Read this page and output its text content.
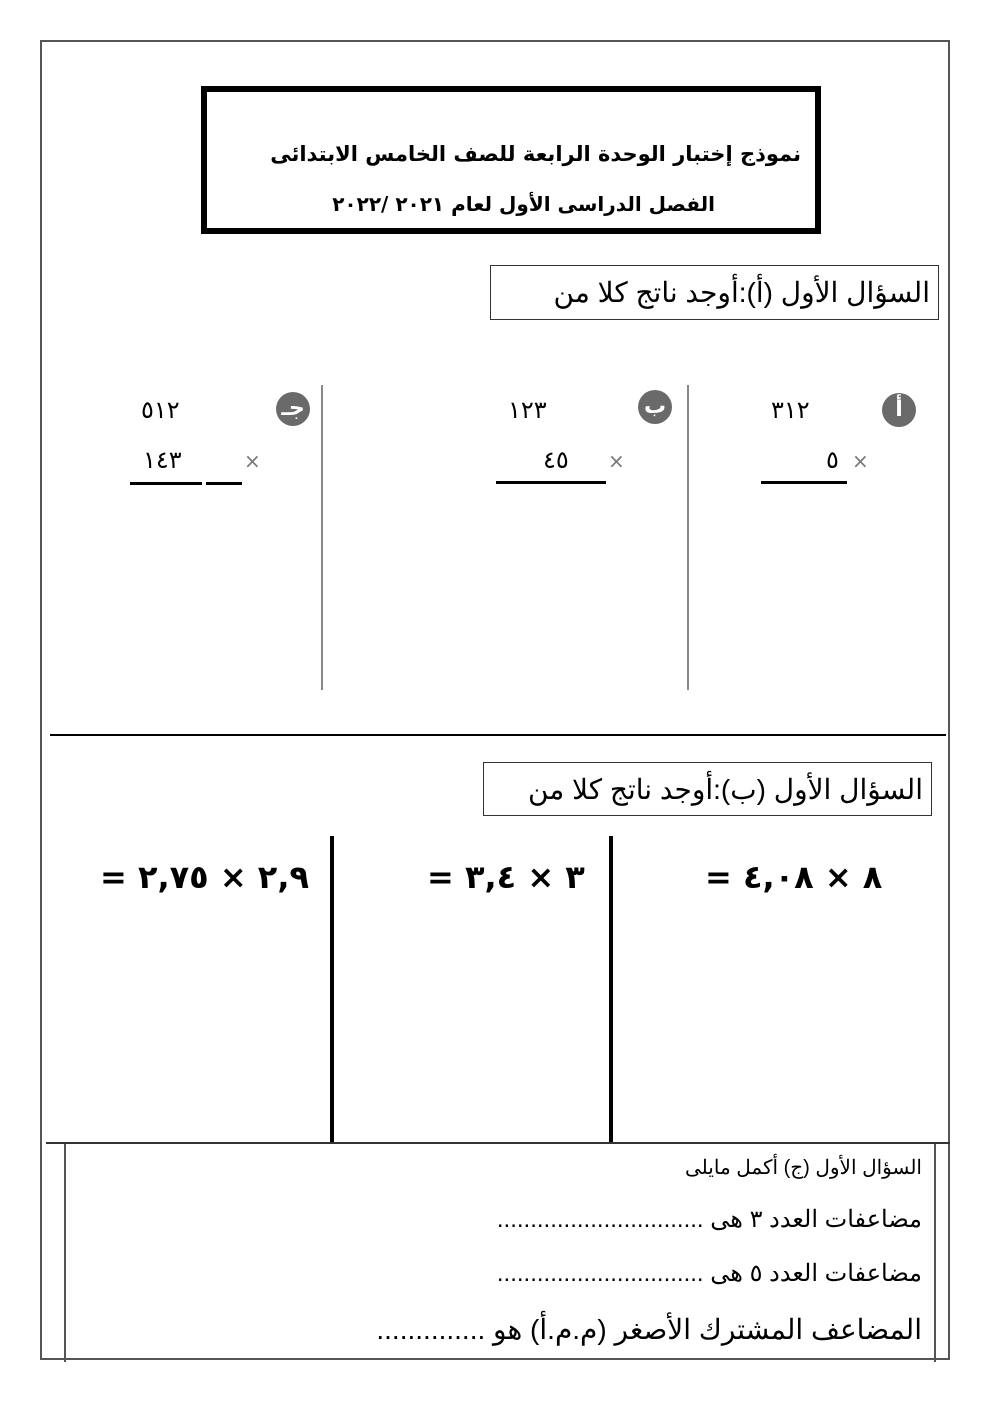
نموذج إختبار الوحدة الرابعة للصف الخامس الابتدائى
الفصل الدراسى الأول لعام ٢٠٢١ /٢٠٢٢
السؤال الأول (أ):أوجد ناتج كلا من
أ
٣١٢
٥ ×
ب
١٢٣
٤٥ ×
جـ
٥١٢
١٤٣	×
السؤال الأول (ب):أوجد ناتج كلا من
= ٨ × ٤,٠٨
= ٣ × ٣,٤
= ٢,٩ × ٢,٧٥
السؤال الأول (ج) أكمل مايلى
مضاعفات العدد ٣ هى ...............................
مضاعفات العدد ٥ هى ...............................
المضاعف المشترك الأصغر (م.م.أ) هو ..............
